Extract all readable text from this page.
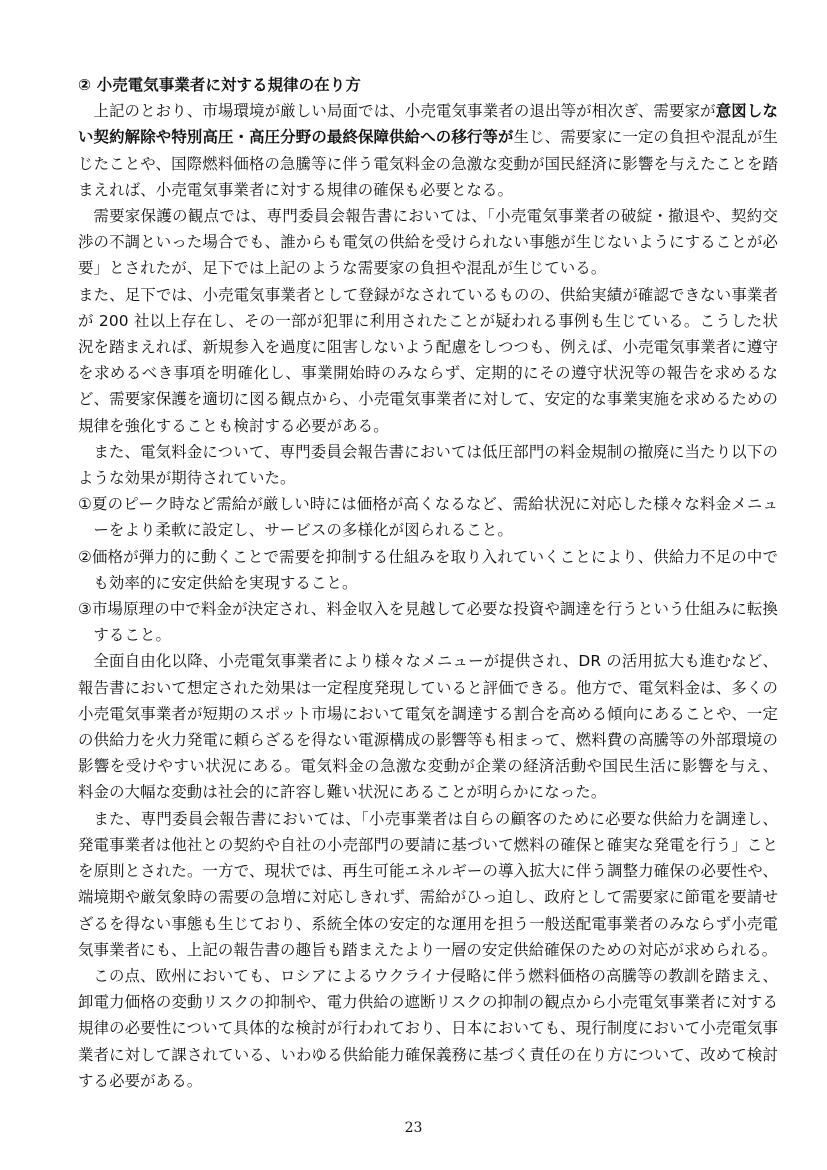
② 小売電気事業者に対する規律の在り方

上記のとおり、市場環境が厳しい局面では、小売電気事業者の退出等が相次ぎ、需要家が意図しない契約解除や特別高圧・高圧分野の最終保障供給への移行等が生じ、需要家に一定の負担や混乱が生じたことや、国際燃料価格の急騰等に伴う電気料金の急激な変動が国民経済に影響を与えたことを踏まえれば、小売電気事業者に対する規律の確保も必要となる。

需要家保護の観点では、専門委員会報告書においては、「小売電気事業者の破綻・撤退や、契約交渉の不調といった場合でも、誰からも電気の供給を受けられない事態が生じないようにすることが必要」とされたが、足下では上記のような需要家の負担や混乱が生じている。

また、足下では、小売電気事業者として登録がなされているものの、供給実績が確認できない事業者が 200 社以上存在し、その一部が犯罪に利用されたことが疑われる事例も生じている。こうした状況を踏まえれば、新規参入を過度に阻害しないよう配慮をしつつも、例えば、小売電気事業者に遵守を求めるべき事項を明確化し、事業開始時のみならず、定期的にその遵守状況等の報告を求めるなど、需要家保護を適切に図る観点から、小売電気事業者に対して、安定的な事業実施を求めるための規律を強化することも検討する必要がある。

また、電気料金について、専門委員会報告書においては低圧部門の料金規制の撤廃に当たり以下のような効果が期待されていた。

①夏のピーク時など需給が厳しい時には価格が高くなるなど、需給状況に対応した様々な料金メニューをより柔軟に設定し、サービスの多様化が図られること。

②価格が弾力的に動くことで需要を抑制する仕組みを取り入れていくことにより、供給力不足の中でも効率的に安定供給を実現すること。

③市場原理の中で料金が決定され、料金収入を見越して必要な投資や調達を行うという仕組みに転換すること。

全面自由化以降、小売電気事業者により様々なメニューが提供され、DR の活用拡大も進むなど、報告書において想定された効果は一定程度発現していると評価できる。他方で、電気料金は、多くの小売電気事業者が短期のスポット市場において電気を調達する割合を高める傾向にあることや、一定の供給力を火力発電に頼らざるを得ない電源構成の影響等も相まって、燃料費の高騰等の外部環境の影響を受けやすい状況にある。電気料金の急激な変動が企業の経済活動や国民生活に影響を与え、料金の大幅な変動は社会的に許容し難い状況にあることが明らかになった。

また、専門委員会報告書においては、「小売事業者は自らの顧客のために必要な供給力を調達し、発電事業者は他社との契約や自社の小売部門の要請に基づいて燃料の確保と確実な発電を行う」ことを原則とされた。一方で、現状では、再生可能エネルギーの導入拡大に伴う調整力確保の必要性や、端境期や厳気象時の需要の急増に対応しきれず、需給がひっ迫し、政府として需要家に節電を要請せざるを得ない事態も生じており、系統全体の安定的な運用を担う一般送配電事業者のみならず小売電気事業者にも、上記の報告書の趣旨も踏まえたより一層の安定供給確保のための対応が求められる。

この点、欧州においても、ロシアによるウクライナ侵略に伴う燃料価格の高騰等の教訓を踏まえ、卸電力価格の変動リスクの抑制や、電力供給の遮断リスクの抑制の観点から小売電気事業者に対する規律の必要性について具体的な検討が行われており、日本においても、現行制度において小売電気事業者に対して課されている、いわゆる供給能力確保義務に基づく責任の在り方について、改めて検討する必要がある。

23
